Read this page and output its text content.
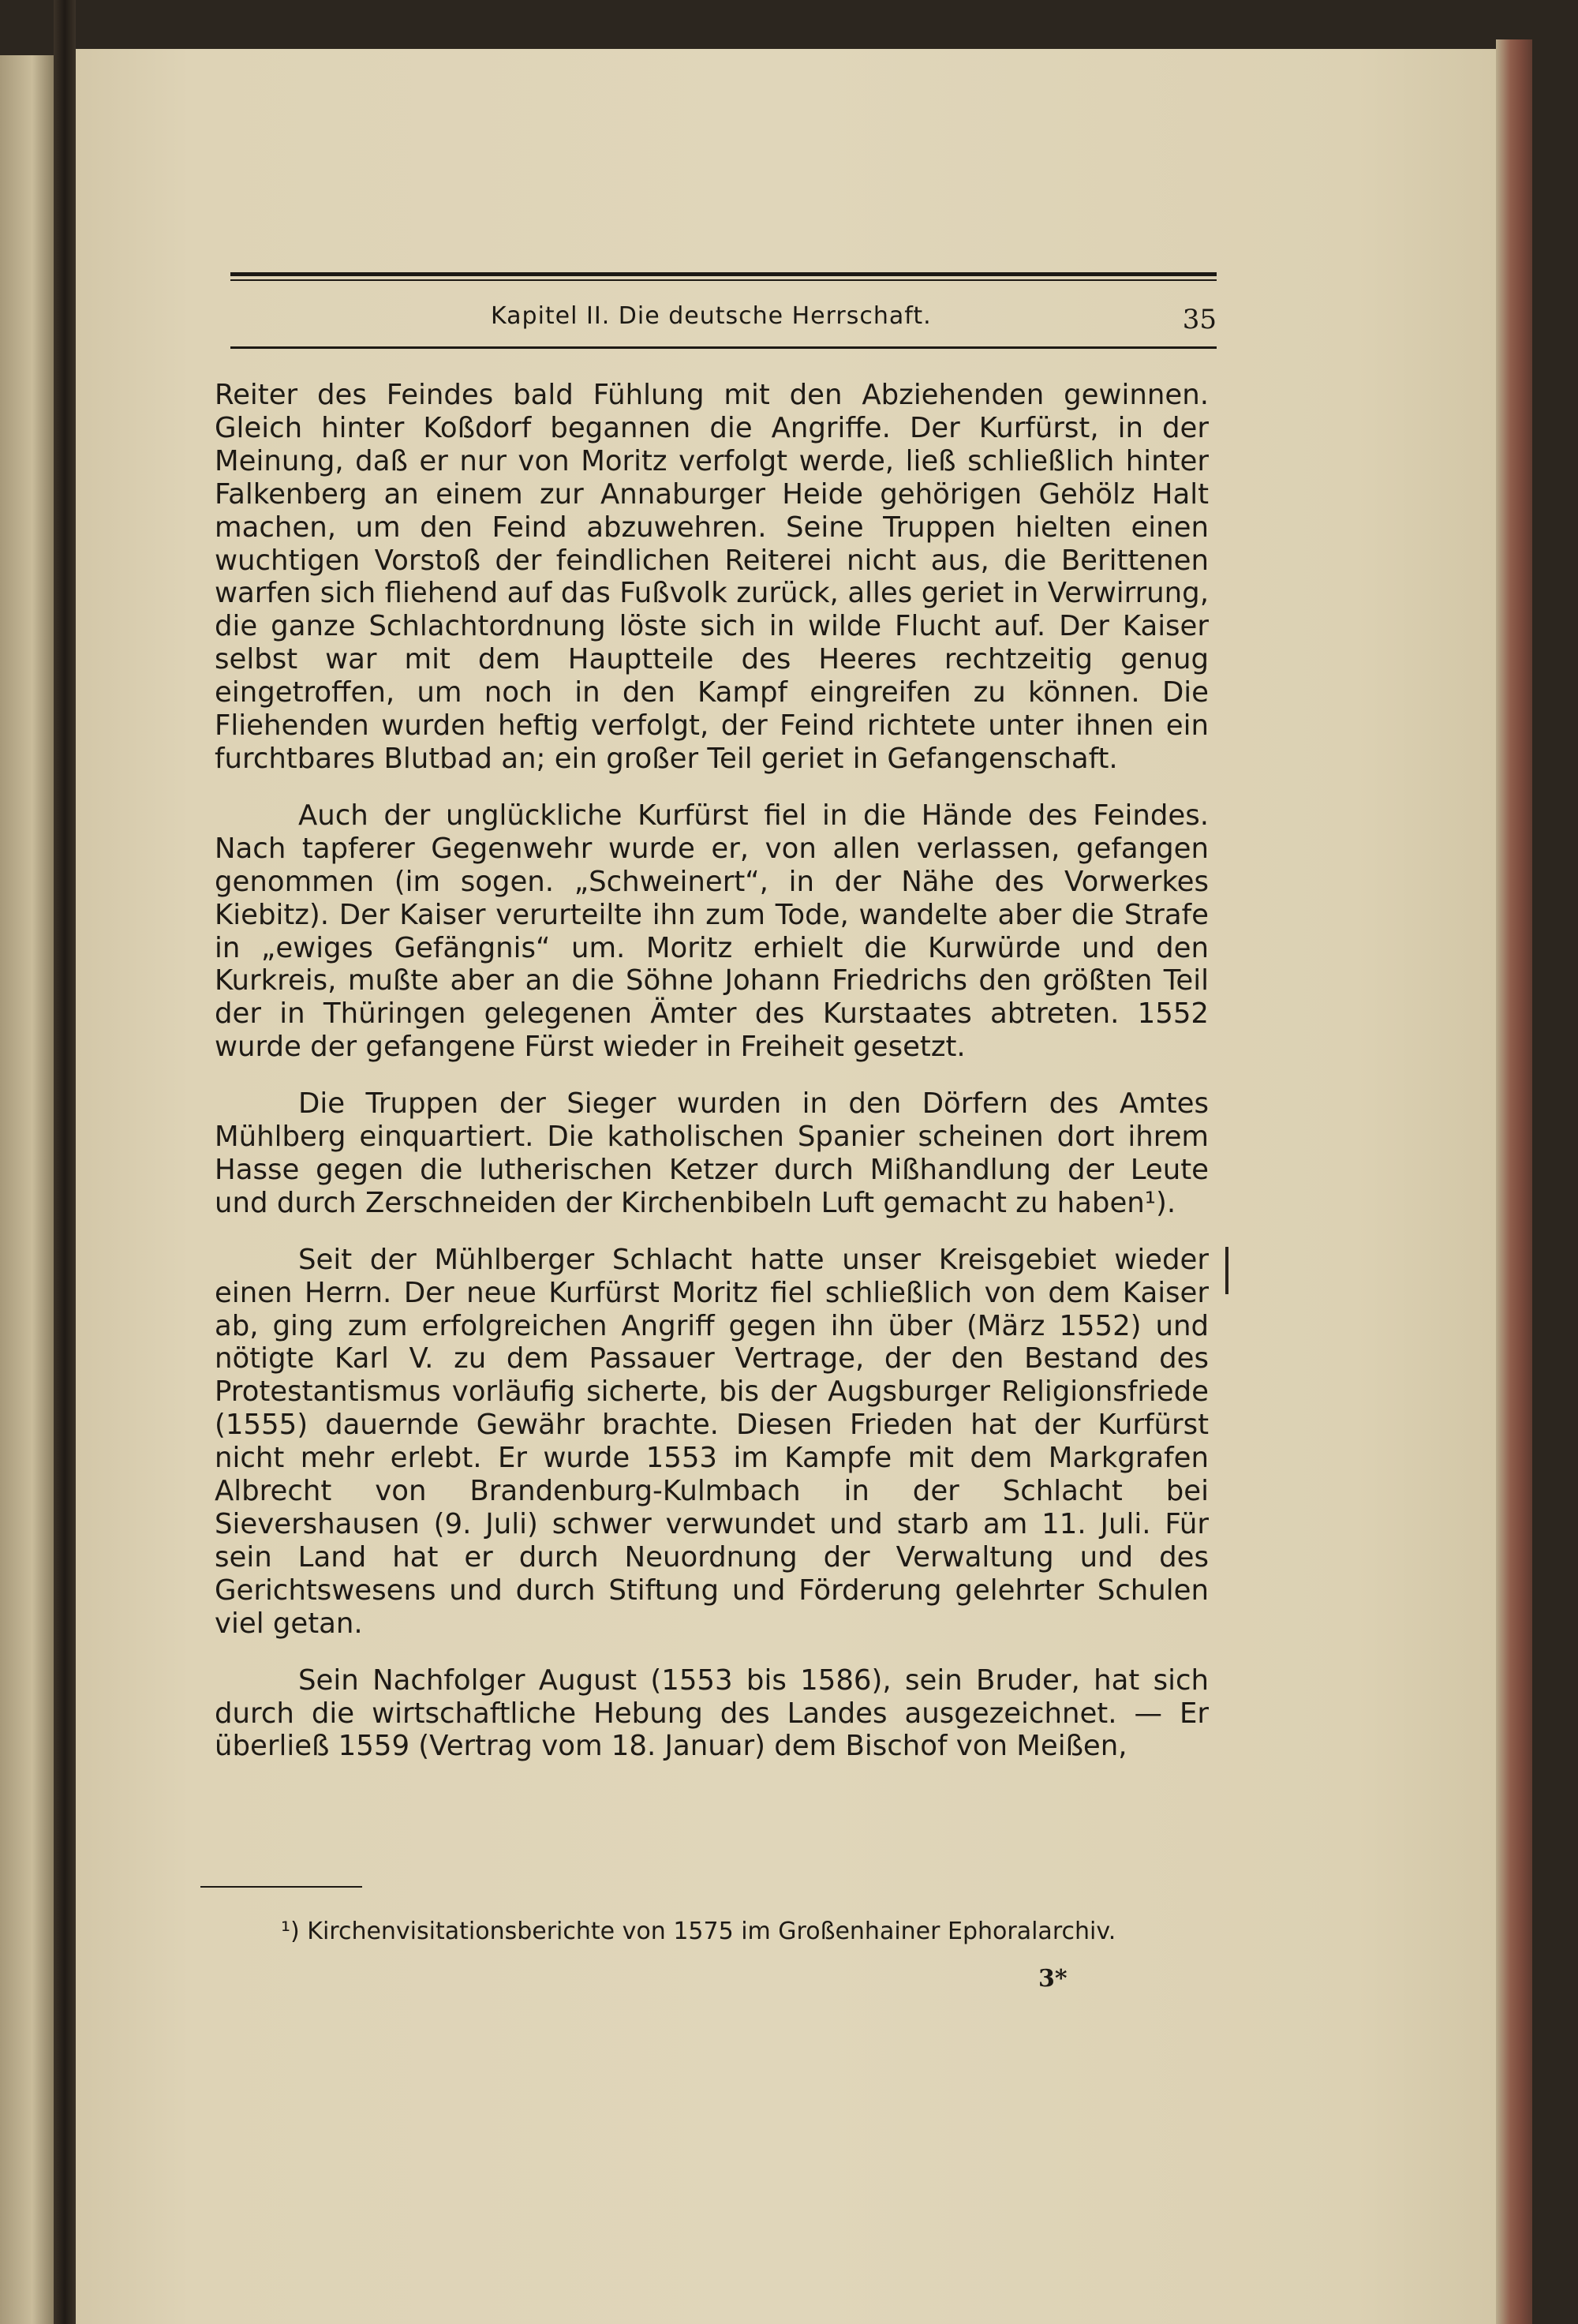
Kapitel II. Die deutsche Herrschaft.	35

Reiter des Feindes bald Fühlung mit den Abziehenden gewinnen. Gleich hinter Koßdorf begannen die Angriffe. Der Kurfürst, in der Meinung, daß er nur von Moritz verfolgt werde, ließ schließlich hinter Falkenberg an einem zur Annaburger Heide gehörigen Gehölz Halt machen, um den Feind abzuwehren. Seine Truppen hielten einen wuchtigen Vorstoß der feindlichen Reiterei nicht aus, die Berittenen warfen sich fliehend auf das Fußvolk zurück, alles geriet in Verwirrung, die ganze Schlachtordnung löste sich in wilde Flucht auf. Der Kaiser selbst war mit dem Hauptteile des Heeres rechtzeitig genug eingetroffen, um noch in den Kampf eingreifen zu können. Die Fliehenden wurden heftig verfolgt, der Feind richtete unter ihnen ein furchtbares Blutbad an; ein großer Teil geriet in Gefangenschaft.

Auch der unglückliche Kurfürst fiel in die Hände des Feindes. Nach tapferer Gegenwehr wurde er, von allen verlassen, gefangen genommen (im sogen. „Schweinert“, in der Nähe des Vorwerkes Kiebitz). Der Kaiser verurteilte ihn zum Tode, wandelte aber die Strafe in „ewiges Gefängnis“ um. Moritz erhielt die Kurwürde und den Kurkreis, mußte aber an die Söhne Johann Friedrichs den größten Teil der in Thüringen gelegenen Ämter des Kurstaates abtreten. 1552 wurde der gefangene Fürst wieder in Freiheit gesetzt.

Die Truppen der Sieger wurden in den Dörfern des Amtes Mühlberg einquartiert. Die katholischen Spanier scheinen dort ihrem Hasse gegen die lutherischen Ketzer durch Mißhandlung der Leute und durch Zerschneiden der Kirchenbibeln Luft gemacht zu haben¹).

Seit der Mühlberger Schlacht hatte unser Kreisgebiet wieder einen Herrn. Der neue Kurfürst Moritz fiel schließlich von dem Kaiser ab, ging zum erfolgreichen Angriff gegen ihn über (März 1552) und nötigte Karl V. zu dem Passauer Vertrage, der den Bestand des Protestantismus vorläufig sicherte, bis der Augsburger Religionsfriede (1555) dauernde Gewähr brachte. Diesen Frieden hat der Kurfürst nicht mehr erlebt. Er wurde 1553 im Kampfe mit dem Markgrafen Albrecht von Brandenburg-Kulmbach in der Schlacht bei Sievershausen (9. Juli) schwer verwundet und starb am 11. Juli. Für sein Land hat er durch Neuordnung der Verwaltung und des Gerichtswesens und durch Stiftung und Förderung gelehrter Schulen viel getan.

Sein Nachfolger August (1553 bis 1586), sein Bruder, hat sich durch die wirtschaftliche Hebung des Landes ausgezeichnet. — Er überließ 1559 (Vertrag vom 18. Januar) dem Bischof von Meißen,

¹) Kirchenvisitationsberichte von 1575 im Großenhainer Ephoralarchiv.
3*
